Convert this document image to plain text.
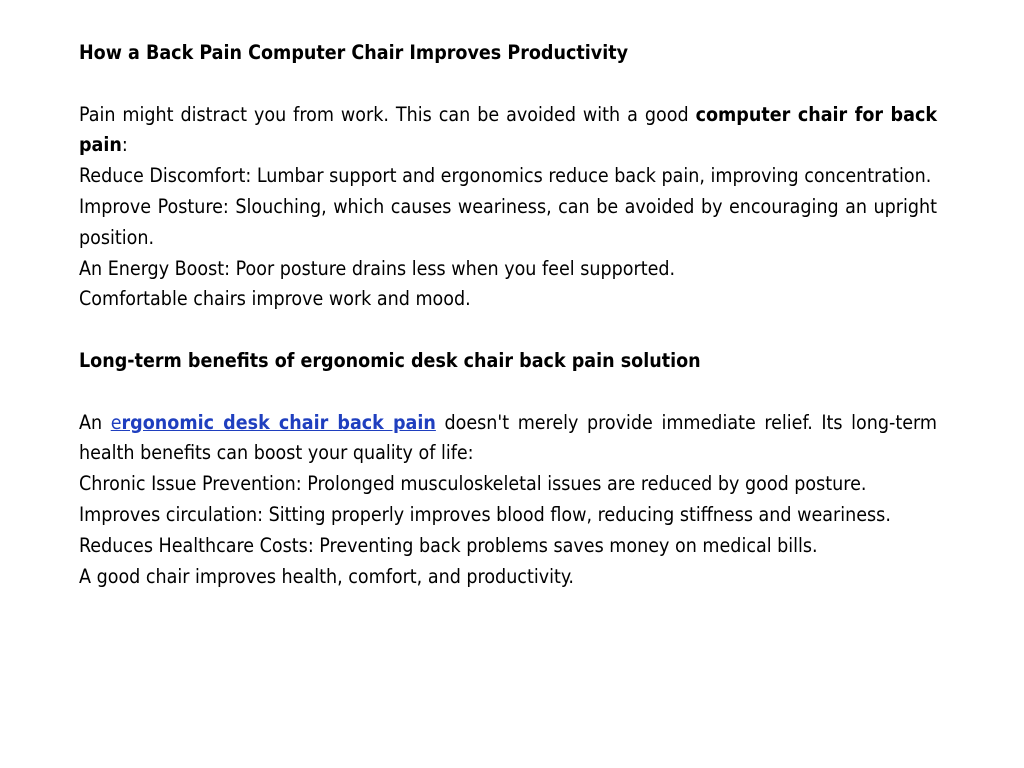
How a Back Pain Computer Chair Improves Productivity

Pain might distract you from work. This can be avoided with a good computer chair for back pain:

Reduce Discomfort: Lumbar support and ergonomics reduce back pain, improving concentration.

Improve Posture: Slouching, which causes weariness, can be avoided by encouraging an upright position.

An Energy Boost: Poor posture drains less when you feel supported.

Comfortable chairs improve work and mood.

Long-term benefits of ergonomic desk chair back pain solution

An ergonomic desk chair back pain doesn't merely provide immediate relief. Its long-term health benefits can boost your quality of life:

Chronic Issue Prevention: Prolonged musculoskeletal issues are reduced by good posture.

Improves circulation: Sitting properly improves blood flow, reducing stiffness and weariness.

Reduces Healthcare Costs: Preventing back problems saves money on medical bills.

A good chair improves health, comfort, and productivity.
